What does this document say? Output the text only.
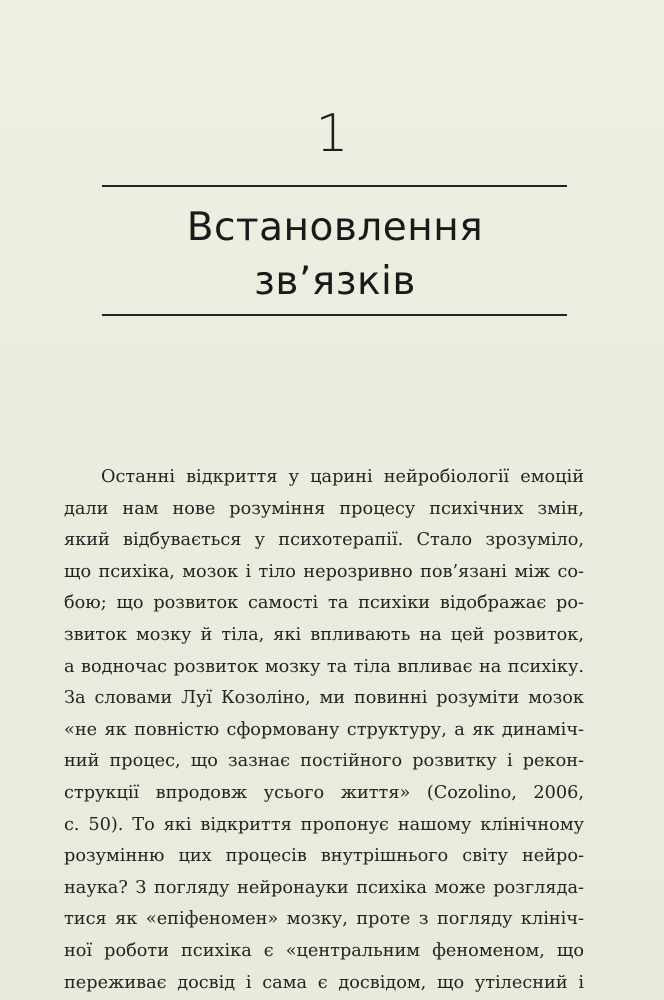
1
Встановлення
зв’язків
Останні відкриття у царині нейробіології емоцій
дали нам нове розуміння процесу психічних змін,
який відбувається у психотерапії. Стало зрозуміло,
що психіка, мозок і тіло нерозривно пов’язані між со-
бою; що розвиток самості та психіки відображає ро-
звиток мозку й тіла, які впливають на цей розвиток,
а водночас розвиток мозку та тіла впливає на психіку.
За словами Луї Козоліно, ми повинні розуміти мозок
«не як повністю сформовану структуру, а як динаміч-
ний процес, що зазнає постійного розвитку і рекон-
струкції впродовж усього життя» (Cozolino, 2006,
с. 50). То які відкриття пропонує нашому клінічному
розумінню цих процесів внутрішнього світу нейро-
наука? З погляду нейронауки психіка може розгляда-
тися як «епіфеномен» мозку, проте з погляду клініч-
ної роботи психіка є «центральним феноменом, що
переживає досвід і сама є досвідом, що утілесний і
